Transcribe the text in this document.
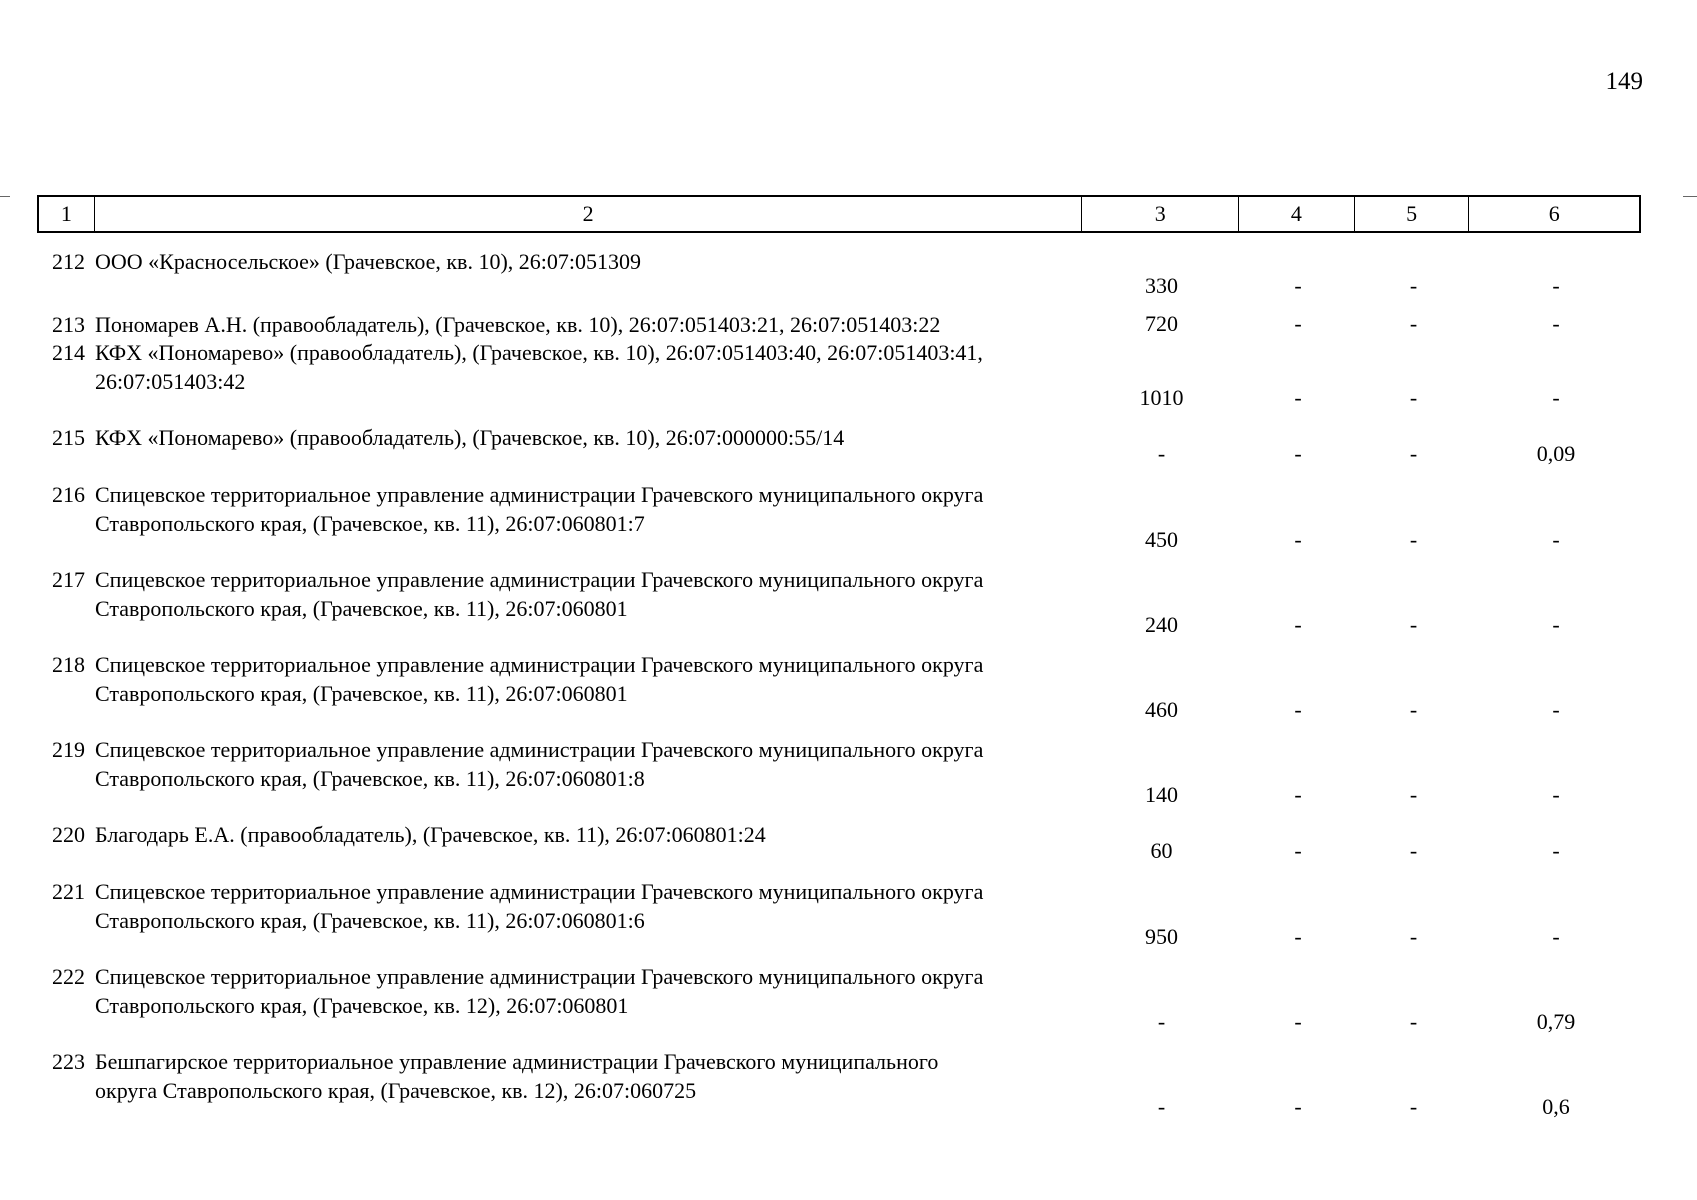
149
1	2	3	4	5	6
212 ООО «Красносельское» (Грачевское, кв. 10), 26:07:051309
330	-	-	-
213 Пономарев А.Н. (правообладатель), (Грачевское, кв. 10), 26:07:051403:21, 26:07:051403:22	720	-	-	-
214 КФХ «Пономарево» (правообладатель), (Грачевское, кв. 10), 26:07:051403:40, 26:07:051403:41,
26:07:051403:42
1010	-	-	-
215 КФХ «Пономарево» (правообладатель), (Грачевское, кв. 10), 26:07:000000:55/14
-	-	-	0,09
216 Спицевское территориальное управление администрации Грачевского муниципального округа
Ставропольского края, (Грачевское, кв. 11), 26:07:060801:7
450	-	-	-
217 Спицевское территориальное управление администрации Грачевского муниципального округа
Ставропольского края, (Грачевское, кв. 11), 26:07:060801
240	-	-	-
218 Спицевское территориальное управление администрации Грачевского муниципального округа
Ставропольского края, (Грачевское, кв. 11), 26:07:060801
460	-	-	-
219 Спицевское территориальное управление администрации Грачевского муниципального округа
Ставропольского края, (Грачевское, кв. 11), 26:07:060801:8
140	-	-	-
220 Благодарь Е.А. (правообладатель), (Грачевское, кв. 11), 26:07:060801:24
60	-	-	-
221 Спицевское территориальное управление администрации Грачевского муниципального округа
Ставропольского края, (Грачевское, кв. 11), 26:07:060801:6
950	-	-	-
222 Спицевское территориальное управление администрации Грачевского муниципального округа
Ставропольского края, (Грачевское, кв. 12), 26:07:060801
-	-	-	0,79
223 Бешпагирское территориальное управление администрации Грачевского муниципального
округа Ставропольского края, (Грачевское, кв. 12), 26:07:060725
-	-	-	0,6
